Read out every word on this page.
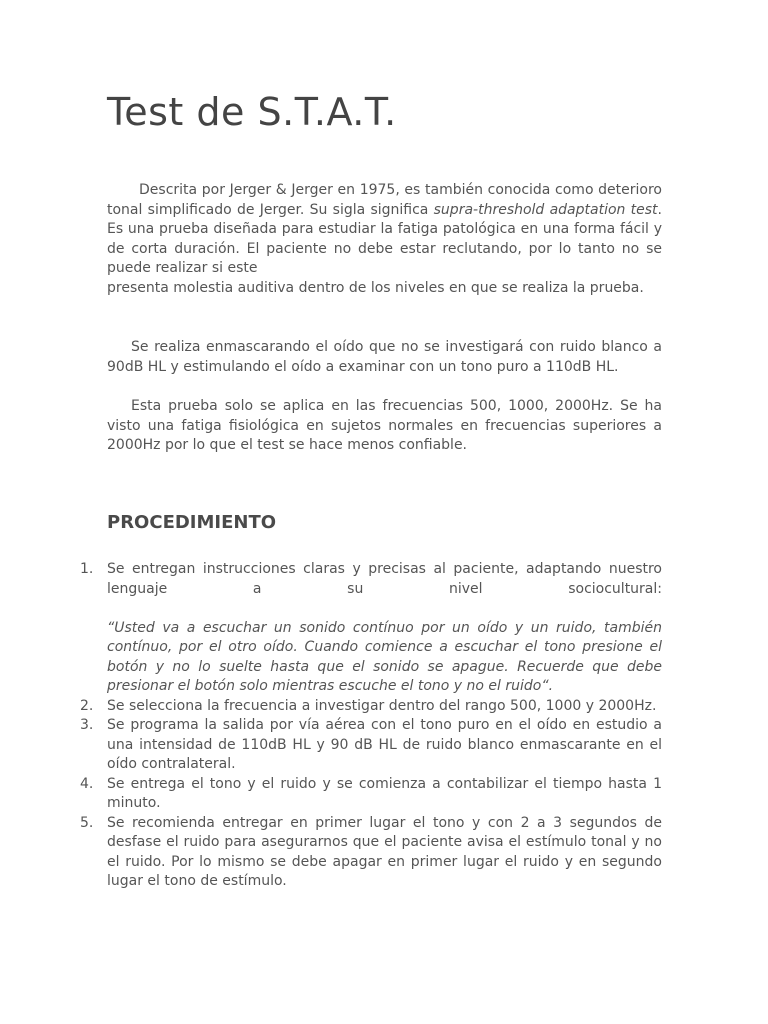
Test de S.T.A.T.

Descrita por Jerger & Jerger en 1975, es también conocida como deterioro tonal simplificado de Jerger. Su sigla significa supra-threshold adaptation test. Es una prueba diseñada para estudiar la fatiga patológica en una forma fácil y de corta duración. El paciente no debe estar reclutando, por lo tanto no se puede realizar si este
presenta molestia auditiva dentro de los niveles en que se realiza la prueba.

Se realiza enmascarando el oído que no se investigará con ruido blanco a 90dB HL y estimulando el oído a examinar con un tono puro a 110dB HL.

Esta prueba solo se aplica en las frecuencias 500, 1000, 2000Hz. Se ha visto una fatiga fisiológica en sujetos normales en frecuencias superiores a 2000Hz por lo que el test se hace menos confiable.

PROCEDIMIENTO
1. Se entregan instrucciones claras y precisas al paciente, adaptando nuestro lenguaje a su nivel sociocultural:
“Usted va a escuchar un sonido contínuo por un oído y un ruido, también contínuo, por el otro oído. Cuando comience a escuchar el tono presione el botón y no lo suelte hasta que el sonido se apague. Recuerde que debe presionar el botón solo mientras escuche el tono y no el ruido“.
2. Se selecciona la frecuencia a investigar dentro del rango 500, 1000 y 2000Hz.
3. Se programa la salida por vía aérea con el tono puro en el oído en estudio a una intensidad de 110dB HL y 90 dB HL de ruido blanco enmascarante en el oído contralateral.
4. Se entrega el tono y el ruido y se comienza a contabilizar el tiempo hasta 1 minuto.
5. Se recomienda entregar en primer lugar el tono y con 2 a 3 segundos de desfase el ruido para asegurarnos que el paciente avisa el estímulo tonal y no el ruido. Por lo mismo se debe apagar en primer lugar el ruido y en segundo lugar el tono de estímulo.
